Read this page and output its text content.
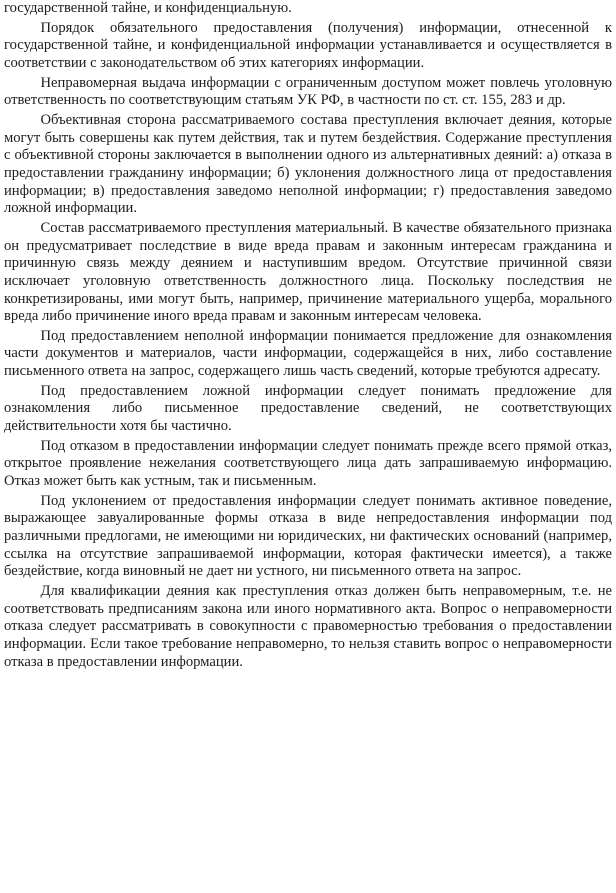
государственной тайне, и конфиденциальную.

Порядок обязательного предоставления (получения) информации, отнесенной к государственной тайне, и конфиденциальной информации устанавливается и осуществляется в соответствии с законодательством об этих категориях информации.

Неправомерная выдача информации с ограниченным доступом может повлечь уголовную ответственность по соответствующим статьям УК РФ, в частности по ст. ст. 155, 283 и др.

Объективная сторона рассматриваемого состава преступления включает деяния, которые могут быть совершены как путем действия, так и путем бездействия. Содержание преступления с объективной стороны заключается в выполнении одного из альтернативных деяний: а) отказа в предоставлении гражданину информации; б) уклонения должностного лица от предоставления информации; в) предоставления заведомо неполной информации; г) предоставления заведомо ложной информации.

Состав рассматриваемого преступления материальный. В качестве обязательного признака он предусматривает последствие в виде вреда правам и законным интересам гражданина и причинную связь между деянием и наступившим вредом. Отсутствие причинной связи исключает уголовную ответственность должностного лица. Поскольку последствия не конкретизированы, ими могут быть, например, причинение материального ущерба, морального вреда либо причинение иного вреда правам и законным интересам человека.

Под предоставлением неполной информации понимается предложение для ознакомления части документов и материалов, части информации, содержащейся в них, либо составление письменного ответа на запрос, содержащего лишь часть сведений, которые требуются адресату.

Под предоставлением ложной информации следует понимать предложение для ознакомления либо письменное предоставление сведений, не соответствующих действительности хотя бы частично.

Под отказом в предоставлении информации следует понимать прежде всего прямой отказ, открытое проявление нежелания соответствующего лица дать запрашиваемую информацию. Отказ может быть как устным, так и письменным.

Под уклонением от предоставления информации следует понимать активное поведение, выражающее завуалированные формы отказа в виде непредоставления информации под различными предлогами, не имеющими ни юридических, ни фактических оснований (например, ссылка на отсутствие запрашиваемой информации, которая фактически имеется), а также бездействие, когда виновный не дает ни устного, ни письменного ответа на запрос.

Для квалификации деяния как преступления отказ должен быть неправомерным, т.е. не соответствовать предписаниям закона или иного нормативного акта. Вопрос о неправомерности отказа следует рассматривать в совокупности с правомерностью требования о предоставлении информации. Если такое требование неправомерно, то нельзя ставить вопрос о неправомерности отказа в предоставлении информации.
